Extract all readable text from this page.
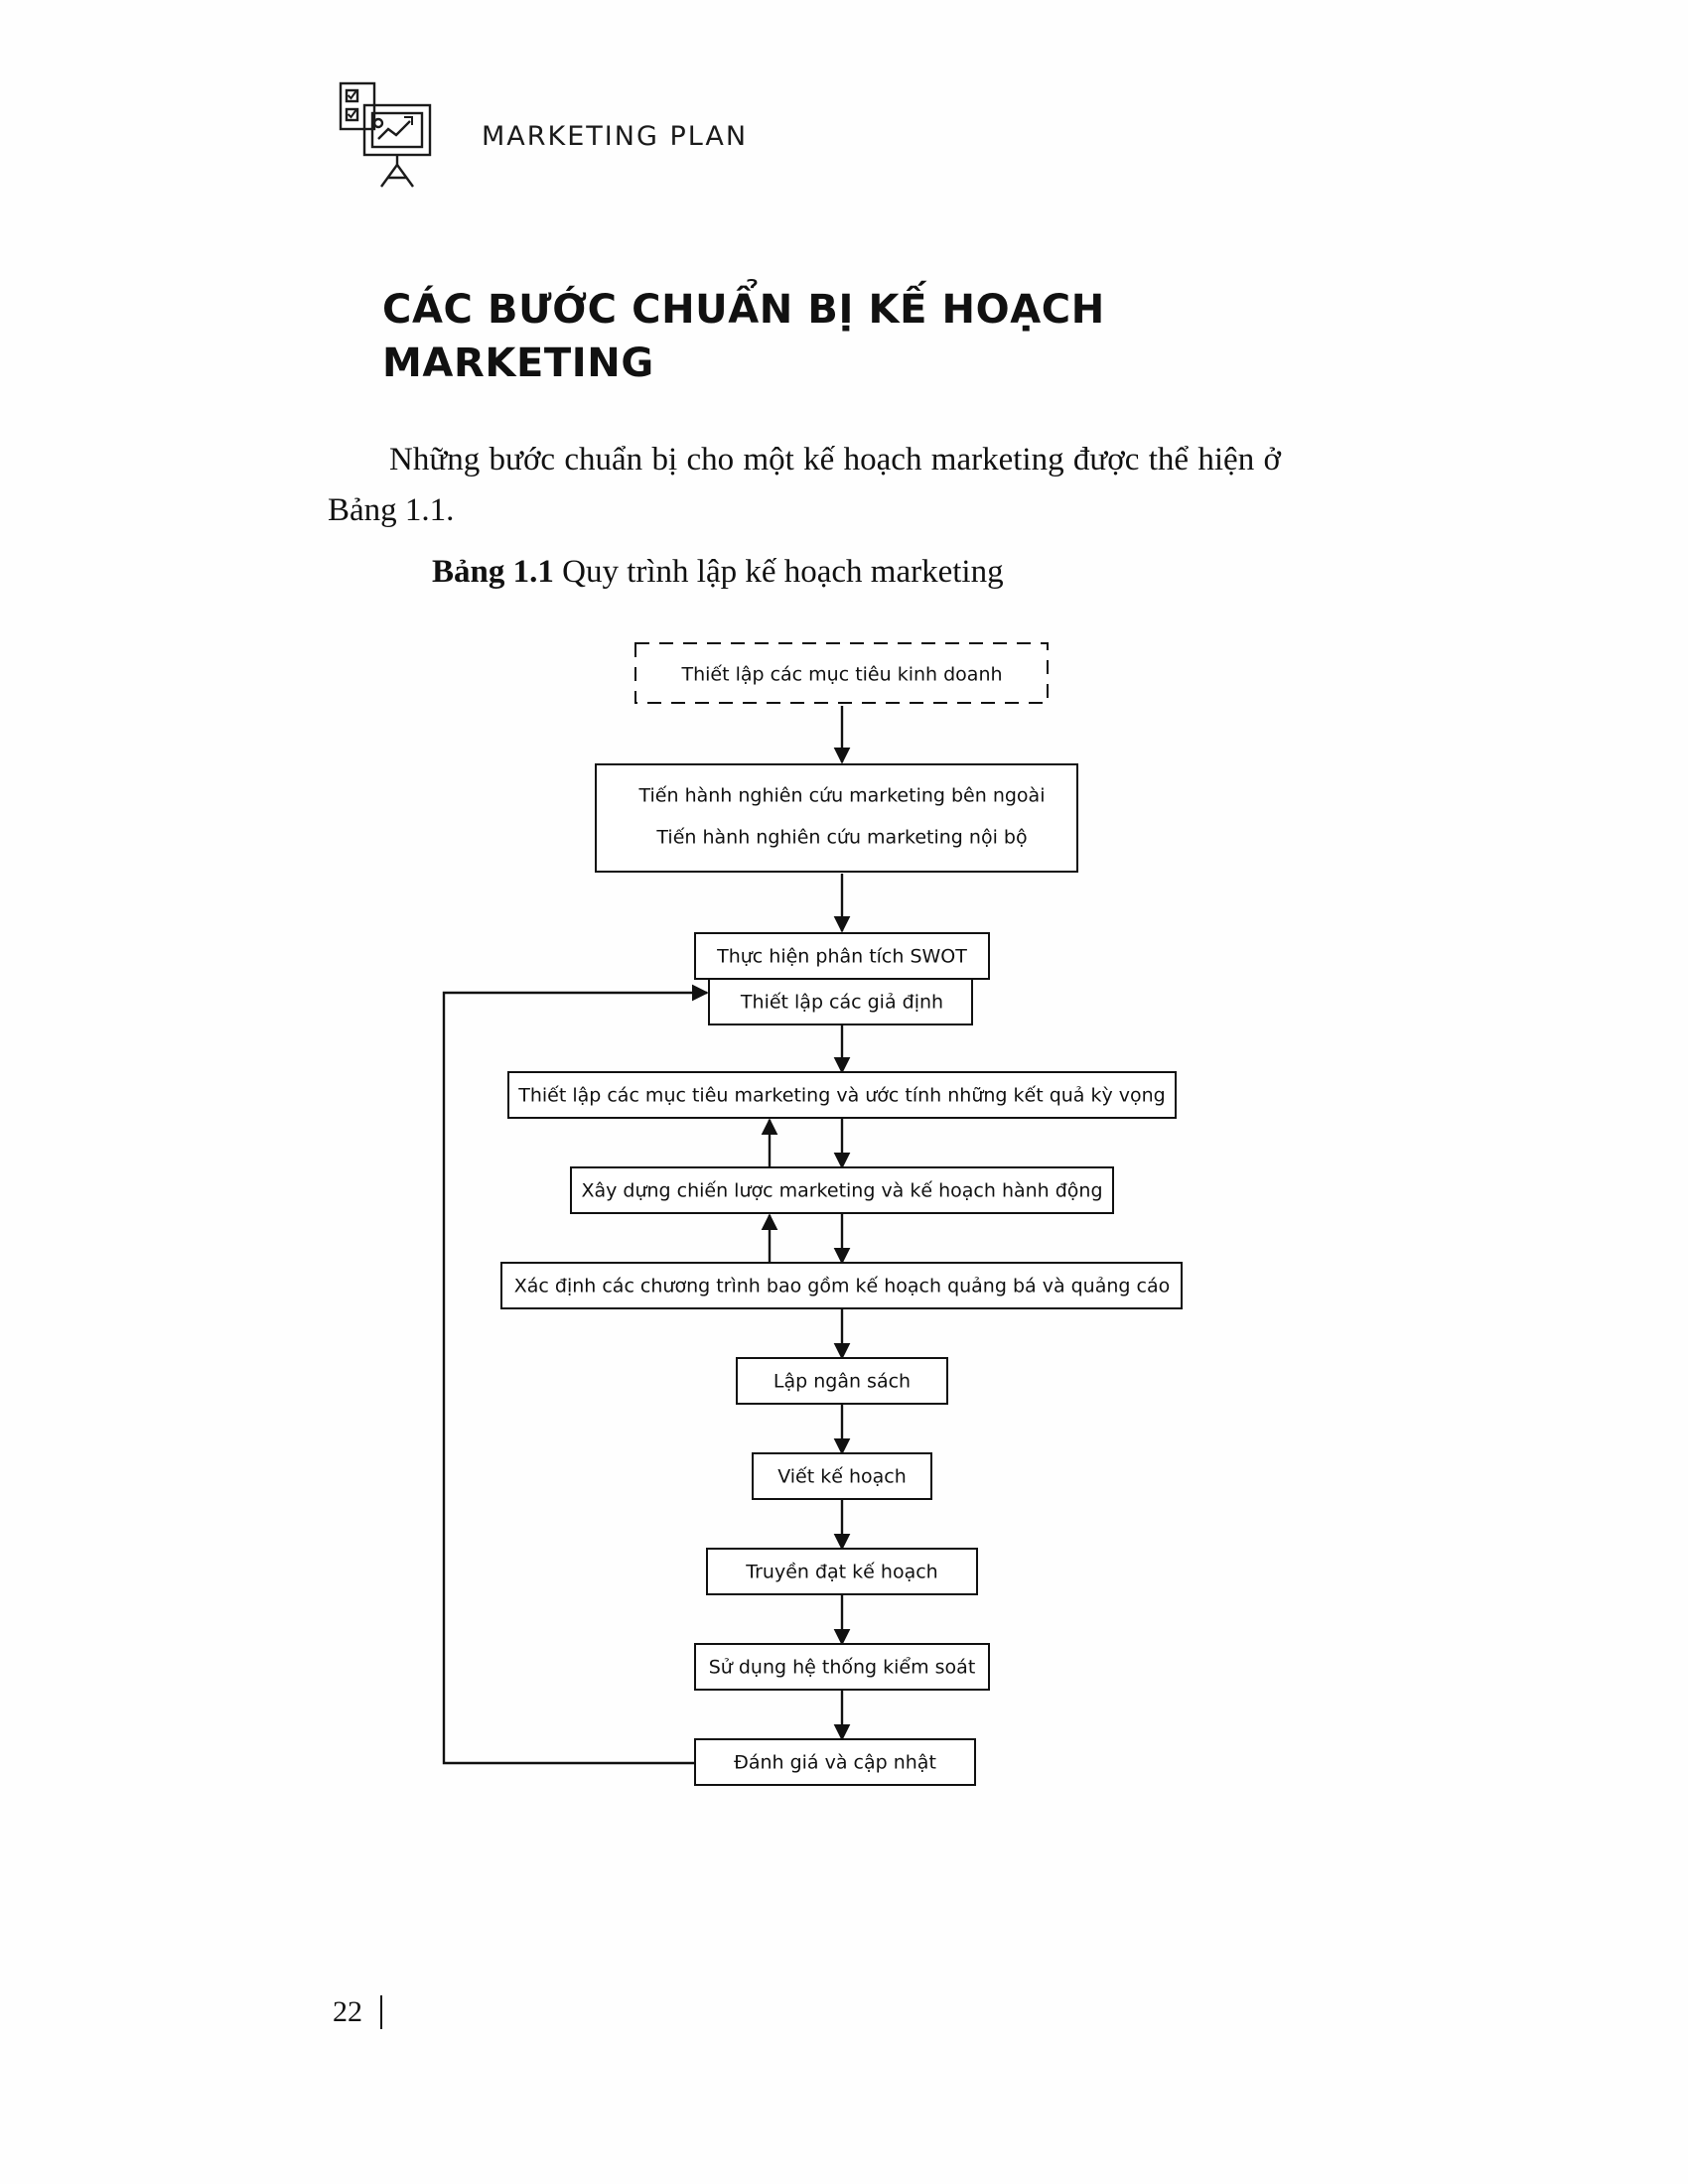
MARKETING PLAN
CÁC BƯỚC CHUẨN BỊ KẾ HOẠCH MARKETING

Những bước chuẩn bị cho một kế hoạch marketing được thể hiện ở Bảng 1.1.

Bảng 1.1 Quy trình lập kế hoạch marketing
Thiết lập các mục tiêu kinh doanh
Tiến hành nghiên cứu marketing bên ngoài
Tiến hành nghiên cứu marketing nội bộ
Thực hiện phân tích SWOT
Thiết lập các giả định
Thiết lập các mục tiêu marketing và ước tính những kết quả kỳ vọng
Xây dựng chiến lược marketing và kế hoạch hành động
Xác định các chương trình bao gồm kế hoạch quảng bá và quảng cáo
Lập ngân sách
Viết kế hoạch
Truyền đạt kế hoạch
Sử dụng hệ thống kiểm soát
Đánh giá và cập nhật
22
